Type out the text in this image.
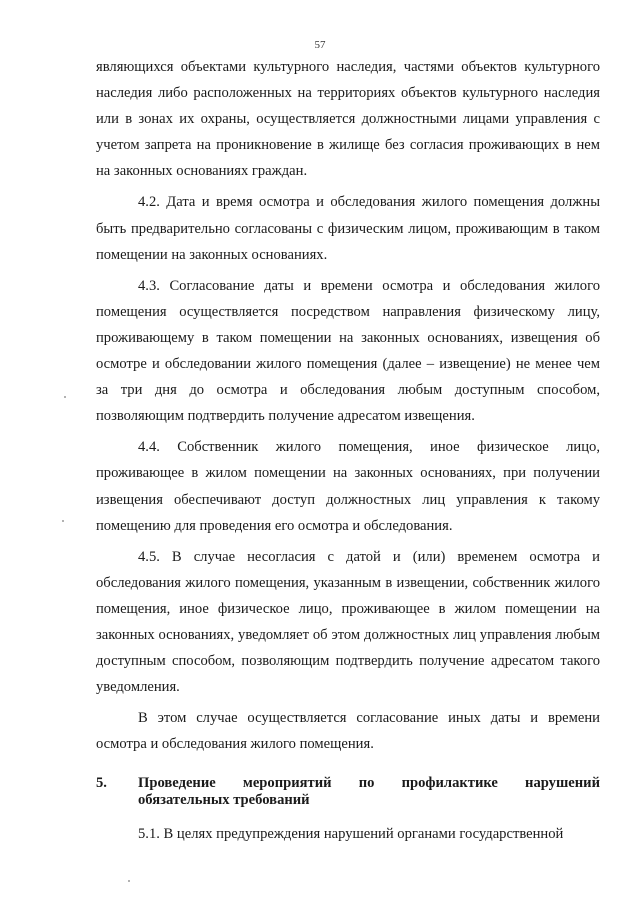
57

являющихся объектами культурного наследия, частями объектов культурного наследия либо расположенных на территориях объектов культурного наследия или в зонах их охраны, осуществляется должностными лицами управления с учетом запрета на проникновение в жилище без согласия проживающих в нем на законных основаниях граждан.

4.2. Дата и время осмотра и обследования жилого помещения должны быть предварительно согласованы с физическим лицом, проживающим в таком помещении на законных основаниях.

4.3. Согласование даты и времени осмотра и обследования жилого помещения осуществляется посредством направления физическому лицу, проживающему в таком помещении на законных основаниях, извещения об осмотре и обследовании жилого помещения (далее – извещение) не менее чем за три дня до осмотра и обследования любым доступным способом, позволяющим подтвердить получение адресатом извещения.

4.4. Собственник жилого помещения, иное физическое лицо, проживающее в жилом помещении на законных основаниях, при получении извещения обеспечивают доступ должностных лиц управления к такому помещению для проведения его осмотра и обследования.

4.5. В случае несогласия с датой и (или) временем осмотра и обследования жилого помещения, указанным в извещении, собственник жилого помещения, иное физическое лицо, проживающее в жилом помещении на законных основаниях, уведомляет об этом должностных лиц управления любым доступным способом, позволяющим подтвердить получение адресатом такого уведомления.

В этом случае осуществляется согласование иных даты и времени осмотра и обследования жилого помещения.

5.	Проведение мероприятий по профилактике нарушений обязательных требований

5.1. В целях предупреждения нарушений органами государственной
